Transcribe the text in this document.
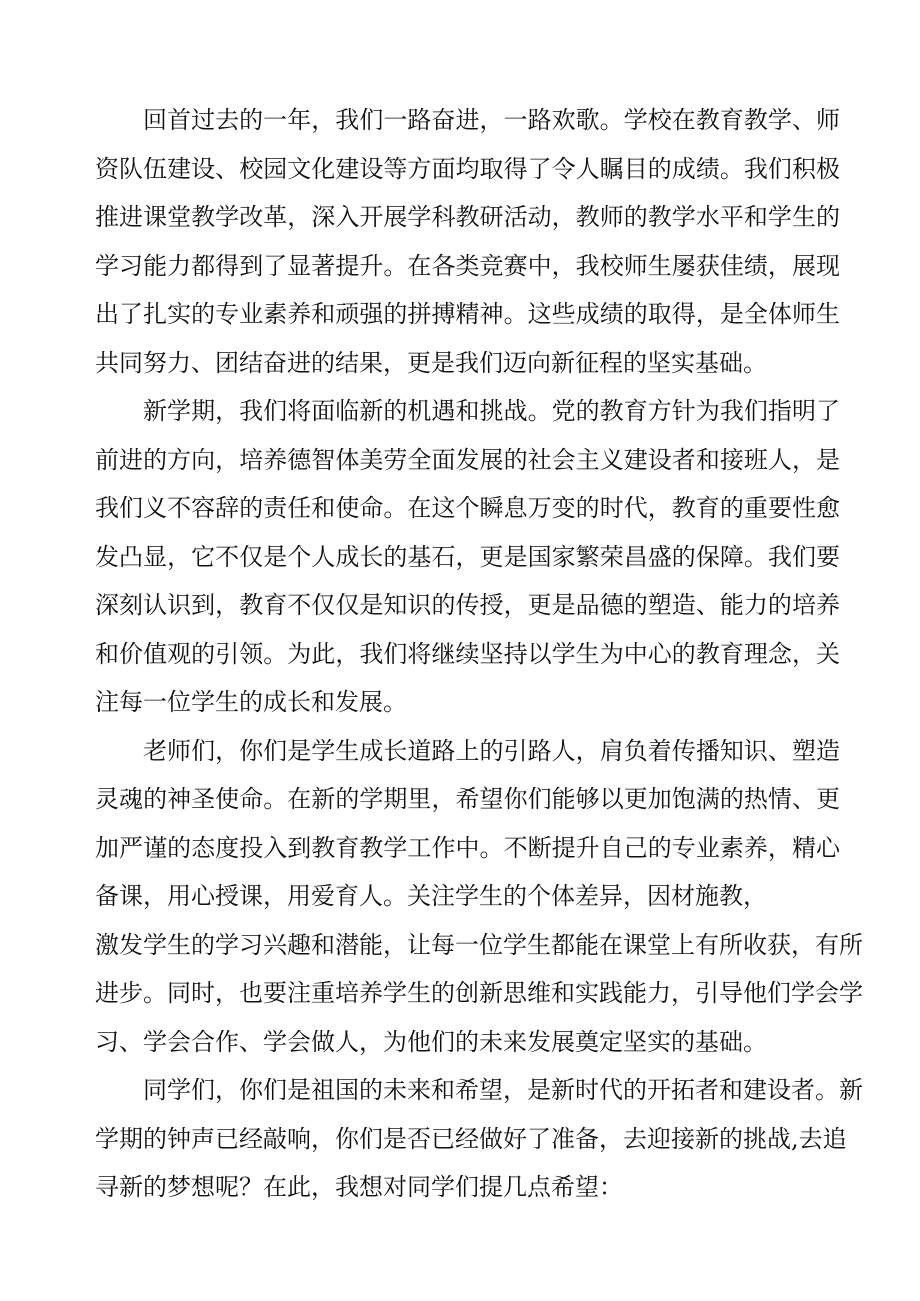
回首过去的一年，我们一路奋进，一路欢歌。学校在教育教学、师
资队伍建设、校园文化建设等方面均取得了令人瞩目的成绩。我们积极
推进课堂教学改革，深入开展学科教研活动，教师的教学水平和学生的
学习能力都得到了显著提升。在各类竞赛中，我校师生屡获佳绩，展现
出了扎实的专业素养和顽强的拼搏精神。这些成绩的取得，是全体师生
共同努力、团结奋进的结果，更是我们迈向新征程的坚实基础。
新学期，我们将面临新的机遇和挑战。党的教育方针为我们指明了
前进的方向，培养德智体美劳全面发展的社会主义建设者和接班人，是
我们义不容辞的责任和使命。在这个瞬息万变的时代，教育的重要性愈
发凸显，它不仅是个人成长的基石，更是国家繁荣昌盛的保障。我们要
深刻认识到，教育不仅仅是知识的传授，更是品德的塑造、能力的培养
和价值观的引领。为此，我们将继续坚持以学生为中心的教育理念，关
注每一位学生的成长和发展。
老师们，你们是学生成长道路上的引路人，肩负着传播知识、塑造
灵魂的神圣使命。在新的学期里，希望你们能够以更加饱满的热情、更
加严谨的态度投入到教育教学工作中。不断提升自己的专业素养，精心
备课，用心授课，用爱育人。关注学生的个体差异，因材施教，
激发学生的学习兴趣和潜能，让每一位学生都能在课堂上有所收获，有所
进步。同时，也要注重培养学生的创新思维和实践能力，引导他们学会学
习、学会合作、学会做人，为他们的未来发展奠定坚实的基础。
同学们，你们是祖国的未来和希望，是新时代的开拓者和建设者。新
学期的钟声已经敲响，你们是否已经做好了准备，去迎接新的挑战,去追
寻新的梦想呢？在此，我想对同学们提几点希望：
